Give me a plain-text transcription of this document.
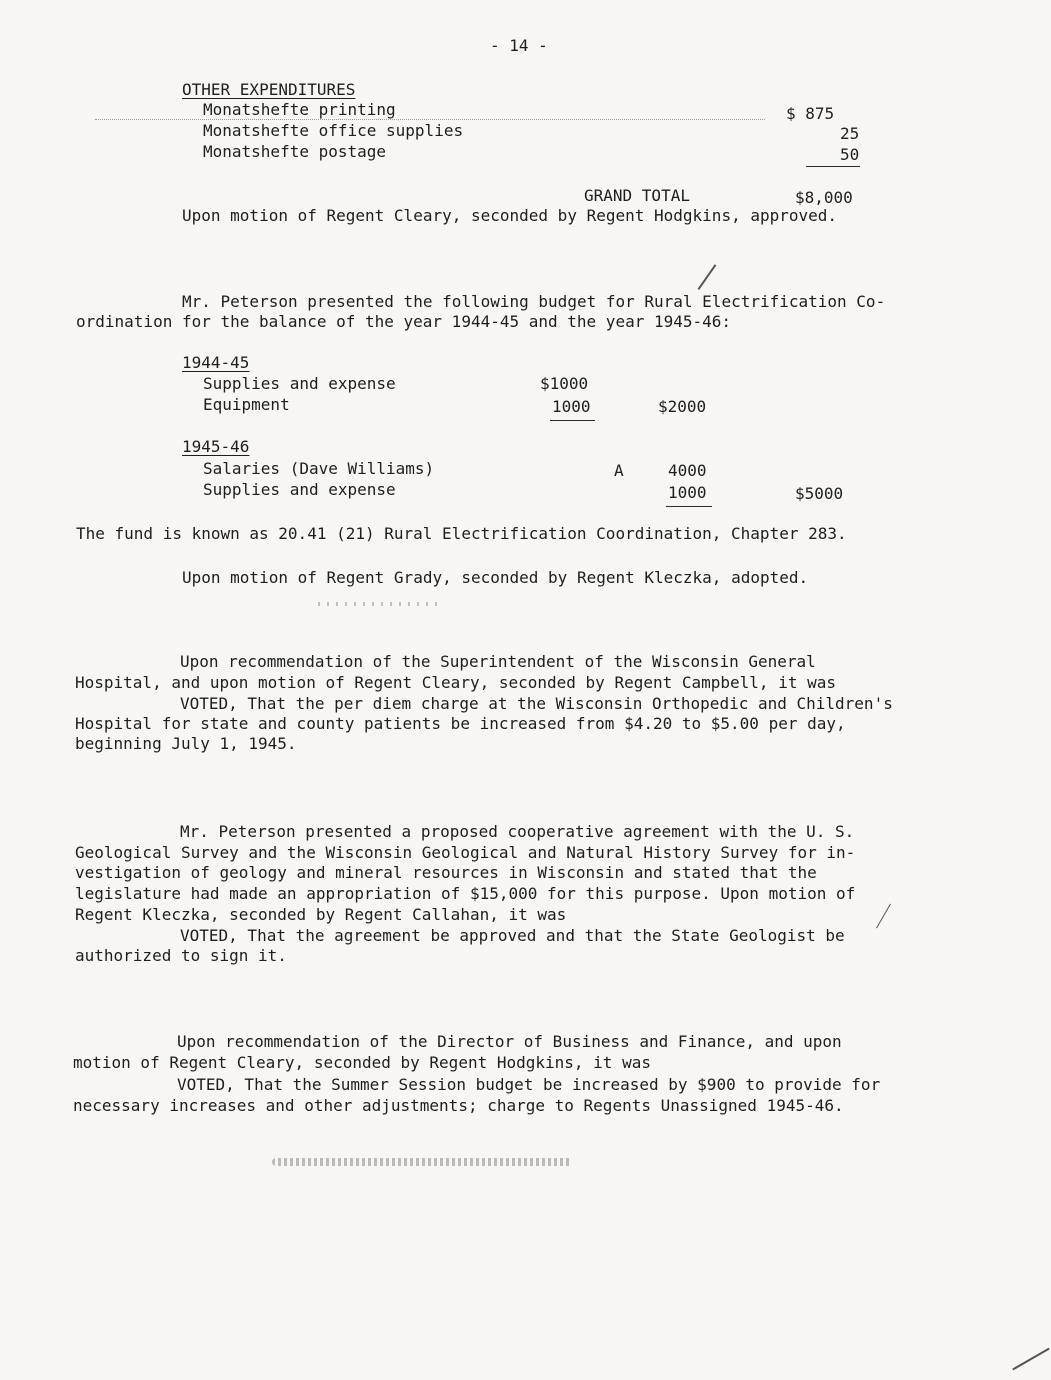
- 14 -
OTHER EXPENDITURES
Monatshefte printing	$ 875
Monatshefte office supplies	25
Monatshefte postage	50
GRAND TOTAL	$8,000
Upon motion of Regent Cleary, seconded by Regent Hodgkins, approved.
Mr. Peterson presented the following budget for Rural Electrification Co-
ordination for the balance of the year 1944-45 and the year 1945-46:
1944-45
Supplies and expense	$1000
Equipment	1000	$2000
1945-46
Salaries (Dave Williams)	A	4000
Supplies and expense	1000	$5000
The fund is known as 20.41 (21) Rural Electrification Coordination, Chapter 283.
Upon motion of Regent Grady, seconded by Regent Kleczka, adopted.
Upon recommendation of the Superintendent of the Wisconsin General
Hospital, and upon motion of Regent Cleary, seconded by Regent Campbell, it was
VOTED, That the per diem charge at the Wisconsin Orthopedic and Children's
Hospital for state and county patients be increased from $4.20 to $5.00 per day,
beginning July 1, 1945.
Mr. Peterson presented a proposed cooperative agreement with the U. S.
Geological Survey and the Wisconsin Geological and Natural History Survey for in-
vestigation of geology and mineral resources in Wisconsin and stated that the
legislature had made an appropriation of $15,000 for this purpose. Upon motion of
Regent Kleczka, seconded by Regent Callahan, it was
VOTED, That the agreement be approved and that the State Geologist be
authorized to sign it.
Upon recommendation of the Director of Business and Finance, and upon
motion of Regent Cleary, seconded by Regent Hodgkins, it was
VOTED, That the Summer Session budget be increased by $900 to provide for
necessary increases and other adjustments; charge to Regents Unassigned 1945-46.
